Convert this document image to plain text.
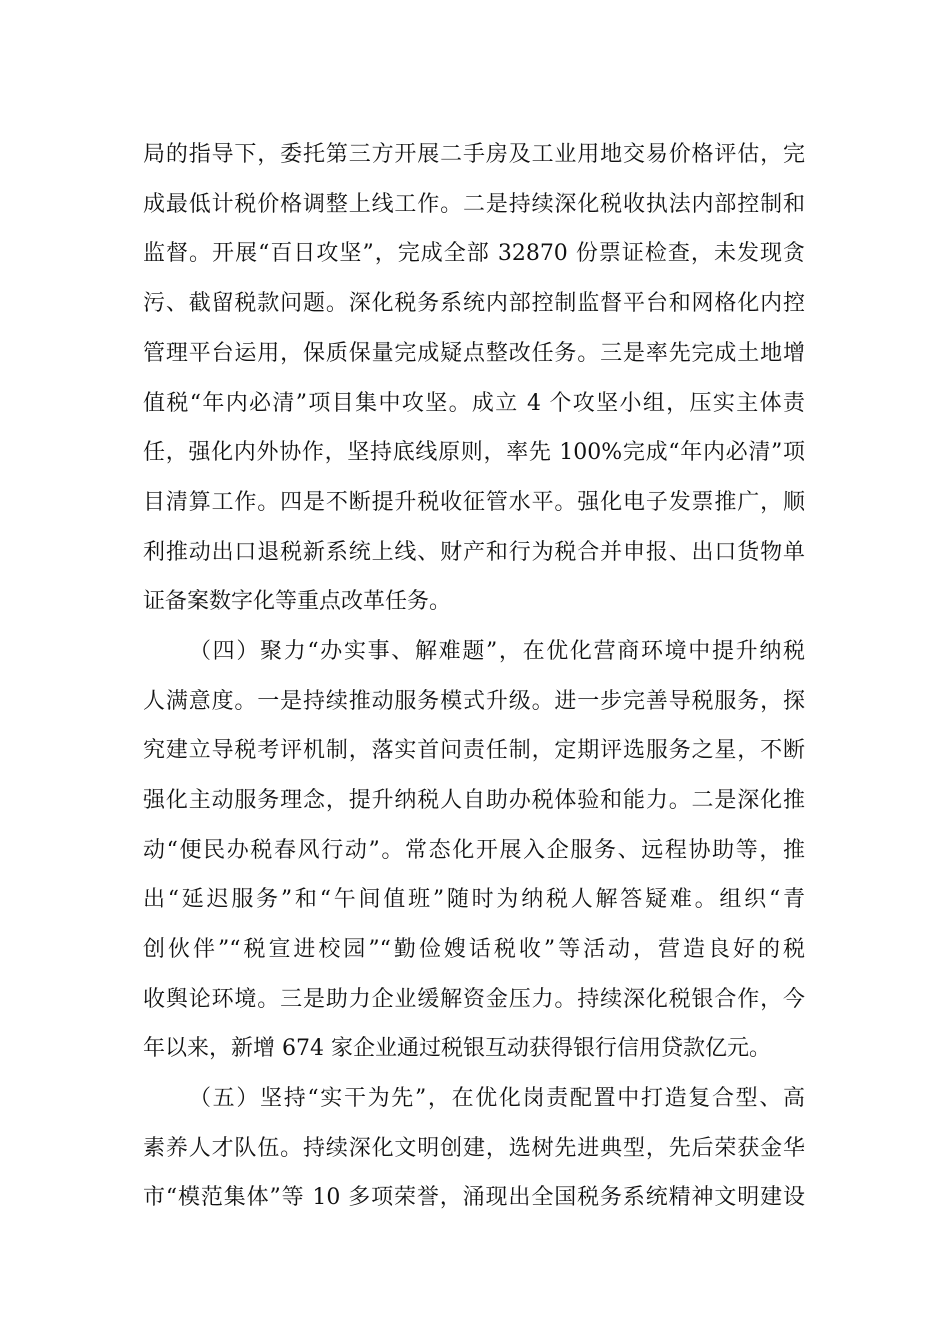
局的指导下，委托第三方开展二手房及工业用地交易价格评估，完
成最低计税价格调整上线工作。二是持续深化税收执法内部控制和
监督。开展“百日攻坚”，完成全部 32870 份票证检查，未发现贪
污、截留税款问题。深化税务系统内部控制监督平台和网格化内控
管理平台运用，保质保量完成疑点整改任务。三是率先完成土地增
值税“年内必清”项目集中攻坚。成立 4 个攻坚小组，压实主体责
任，强化内外协作，坚持底线原则，率先 100%完成“年内必清”项
目清算工作。四是不断提升税收征管水平。强化电子发票推广，顺
利推动出口退税新系统上线、财产和行为税合并申报、出口货物单
证备案数字化等重点改革任务。
（四）聚力“办实事、解难题”，在优化营商环境中提升纳税
人满意度。一是持续推动服务模式升级。进一步完善导税服务，探
究建立导税考评机制，落实首问责任制，定期评选服务之星，不断
强化主动服务理念，提升纳税人自助办税体验和能力。二是深化推
动“便民办税春风行动”。常态化开展入企服务、远程协助等，推
出“延迟服务”和“午间值班”随时为纳税人解答疑难。组织“青
创伙伴”“税宣进校园”“勤俭嫂话税收”等活动，营造良好的税
收舆论环境。三是助力企业缓解资金压力。持续深化税银合作，今
年以来，新增 674 家企业通过税银互动获得银行信用贷款亿元。
（五）坚持“实干为先”，在优化岗责配置中打造复合型、高
素养人才队伍。持续深化文明创建，选树先进典型，先后荣获金华
市“模范集体”等 10 多项荣誉，涌现出全国税务系统精神文明建设
